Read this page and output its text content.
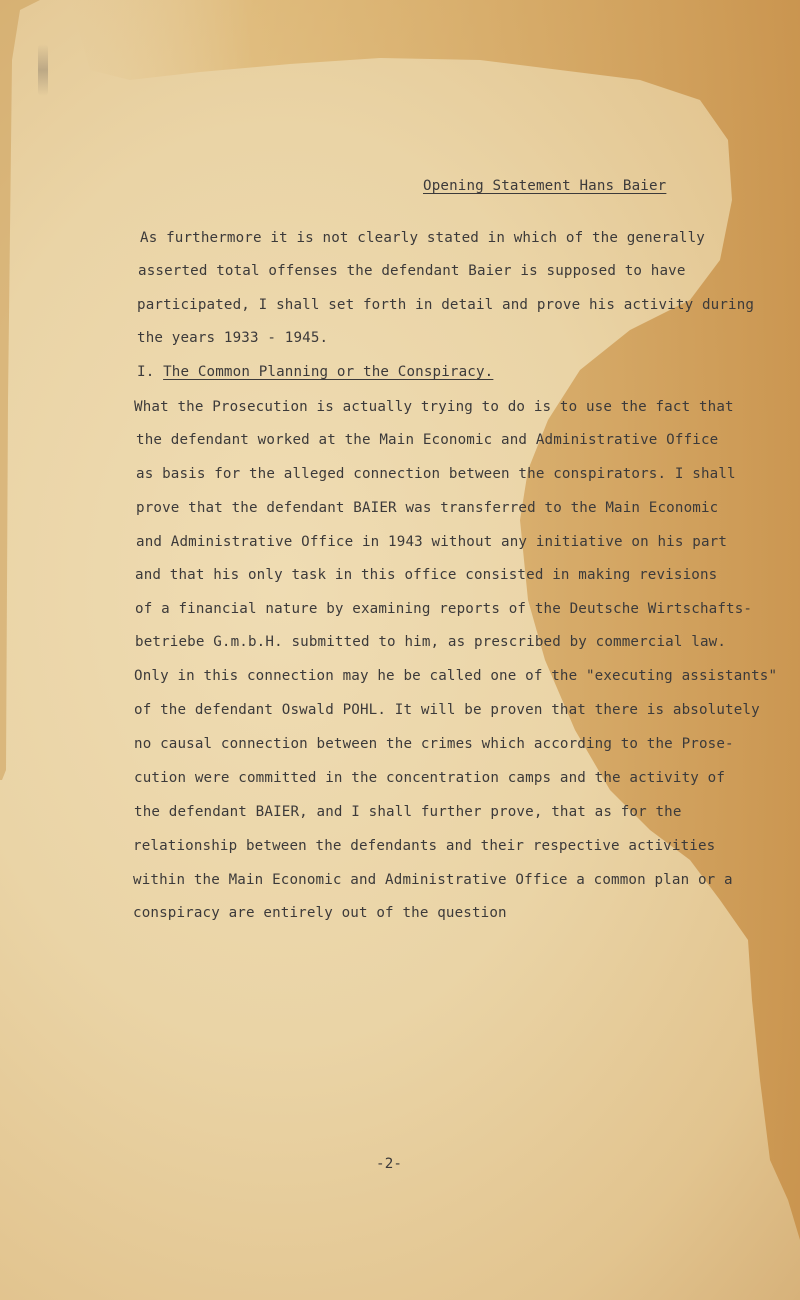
Opening Statement Hans Baier
As furthermore it is not clearly stated in which of the generally
asserted total offenses the defendant Baier is supposed to have
participated, I shall set forth in detail and prove his activity during
the years 1933 - 1945.
I. The Common Planning or the Conspiracy.
What the Prosecution is actually trying to do is to use the fact that
the defendant worked at the Main Economic and Administrative Office
as basis for the alleged connection between the conspirators. I shall
prove that the defendant BAIER was transferred to the Main Economic
and Administrative Office in 1943 without any initiative on his part
and that his only task in this office consisted in making revisions
of a financial nature by examining reports of the Deutsche Wirtschafts-
betriebe G.m.b.H. submitted to him, as prescribed by commercial law.
Only in this connection may he be called one of the "executing assistants"
of the defendant Oswald POHL. It will be proven that there is absolutely
no causal connection between the crimes which according to the Prose-
cution were committed in the concentration camps and the activity of
the defendant BAIER, and I shall further prove, that as for the
relationship between the defendants and their respective activities
within the Main Economic and Administrative Office a common plan or a
conspiracy are entirely out of the question
-2-
